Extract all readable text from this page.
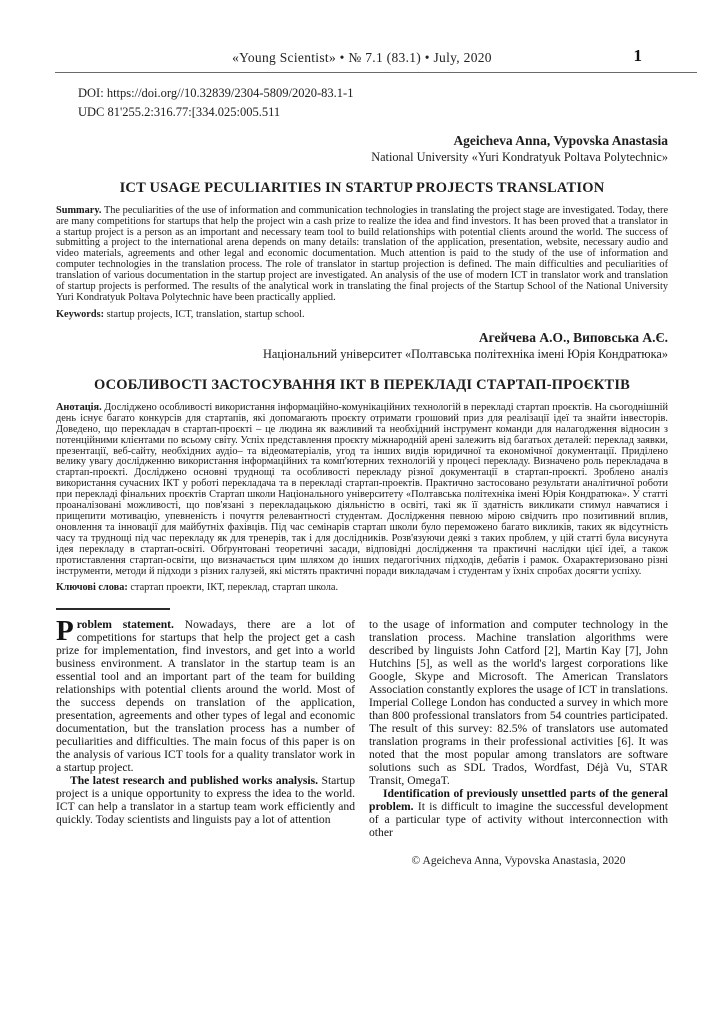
«Young Scientist» • № 7.1 (83.1) • July, 2020	1
DOI: https://doi.org//10.32839/2304-5809/2020-83.1-1
UDC 81'255.2:316.77:[334.025:005.511
Ageicheva Anna, Vypovska Anastasia
National University «Yuri Kondratyuk Poltava Polytechnic»
ICT USAGE PECULIARITIES IN STARTUP PROJECTS TRANSLATION

Summary. The peculiarities of the use of information and communication technologies in translating the project stage are investigated. Today, there are many competitions for startups that help the project win a cash prize to realize the idea and find investors. It has been proved that a translator in a startup project is a person as an important and necessary team tool to build relationships with potential clients around the world. The success of submitting a project to the international arena depends on many details: translation of the application, presentation, website, necessary audio and video materials, agreements and other legal and economic documentation. Much attention is paid to the study of the use of information and computer technologies in the translation process. The role of translator in startup projection is defined. The main difficulties and peculiarities of translation of various documentation in the startup project are investigated. An analysis of the use of modern ICT in translator work and translation of startup projects is performed. The results of the analytical work in translating the final projects of the Startup School of the National University Yuri Kondratyuk Poltava Polytechnic have been practically applied.

Keywords: startup projects, ICT, translation, startup school.

Агейчева А.О., Виповська А.Є.
Національний університет «Полтавська політехніка імені Юрія Кондратюка»
ОСОБЛИВОСТІ ЗАСТОСУВАННЯ ІКТ В ПЕРЕКЛАДІ СТАРТАП-ПРОЄКТІВ

Анотація. Досліджено особливості використання інформаційно-комунікаційних технологій в перекладі стартап проєктів. На сьогоднішній день існує багато конкурсів для стартапів, які допомагають проєкту отримати грошовий приз для реалізації ідеї та знайти інвесторів. Доведено, що перекладач в стартап-проєкті – це людина як важливий та необхідний інструмент команди для налагодження відносин з потенційними клієнтами по всьому світу. Успіх представлення проєкту міжнародній арені залежить від багатьох деталей: переклад заявки, презентації, веб-сайту, необхідних аудіо– та відеоматеріалів, угод та інших видів юридичної та економічної документації. Приділено велику увагу дослідженню використання інформаційних та комп'ютерних технологій у процесі перекладу. Визначено роль перекладача в стартап-проєкті. Досліджено основні труднощі та особливості перекладу різної документації в стартап-проєкті. Зроблено аналіз використання сучасних ІКТ у роботі перекладача та в перекладі стартап-проектів. Практично застосовано результати аналітичної роботи при перекладі фінальних проєктів Стартап школи Національного університету «Полтавська політехніка імені Юрія Кондратюка». У статті проаналізовані можливості, що пов'язані з перекладацькою діяльністю в освіті, такі як її здатність викликати стимул навчатися і прищепити мотивацію, упевненість і почуття релевантності студентам. Дослідження певною мірою свідчить про позитивний вплив, оновлення та інновації для майбутніх фахівців. Під час семінарів стартап школи було переможено багато викликів, таких як відсутність часу та труднощі під час перекладу як для тренерів, так і для дослідників. Розв'язуючи деякі з таких проблем, у цій статті була висунута ідея перекладу в стартап-освіті. Обґрунтовані теоретичні засади, відповідні дослідження та практичні наслідки цієї ідеї, а також протиставлення стартап-освіти, що визначається цим шляхом до інших педагогічних підходів, дебатів і рамок. Охарактеризовано різні інструменти, методи й підходи з різних галузей, які містять практичні поради викладачам і студентам у їхніх спробах досягти успіху.

Ключові слова: стартап проекти, ІКТ, переклад, стартап школа.

Problem statement. Nowadays, there are a lot of competitions for startups that help the project get a cash prize for implementation, find investors, and get into a world business environment. A translator in the startup team is an essential tool and an important part of the team for building relationships with potential clients around the world. Most of the success depends on translation of the application, presentation, agreements and other types of legal and economic documentation, but the translation process has a number of peculiarities and difficulties. The main focus of this paper is on the analysis of various ICT tools for a quality translator work in a startup project.

The latest research and published works analysis. Startup project is a unique opportunity to express the idea to the world. ICT can help a translator in a startup team work efficiently and quickly. Today scientists and linguists pay a lot of attention

to the usage of information and computer technology in the translation process. Machine translation algorithms were described by linguists John Catford [2], Martin Kay [7], John Hutchins [5], as well as the world's largest corporations like Google, Skype and Microsoft. The American Translators Association constantly explores the usage of ICT in translations. Imperial College London has conducted a survey in which more than 800 professional translators from 54 countries participated. The result of this survey: 82.5% of translators use automated translation programs in their professional activities [6]. It was noted that the most popular among translators are software solutions such as SDL Trados, Wordfast, Déjà Vu, STAR Transit, OmegaT.

Identification of previously unsettled parts of the general problem. It is difficult to imagine the successful development of a particular type of activity without interconnection with other

© Ageicheva Anna, Vypovska Anastasia, 2020
